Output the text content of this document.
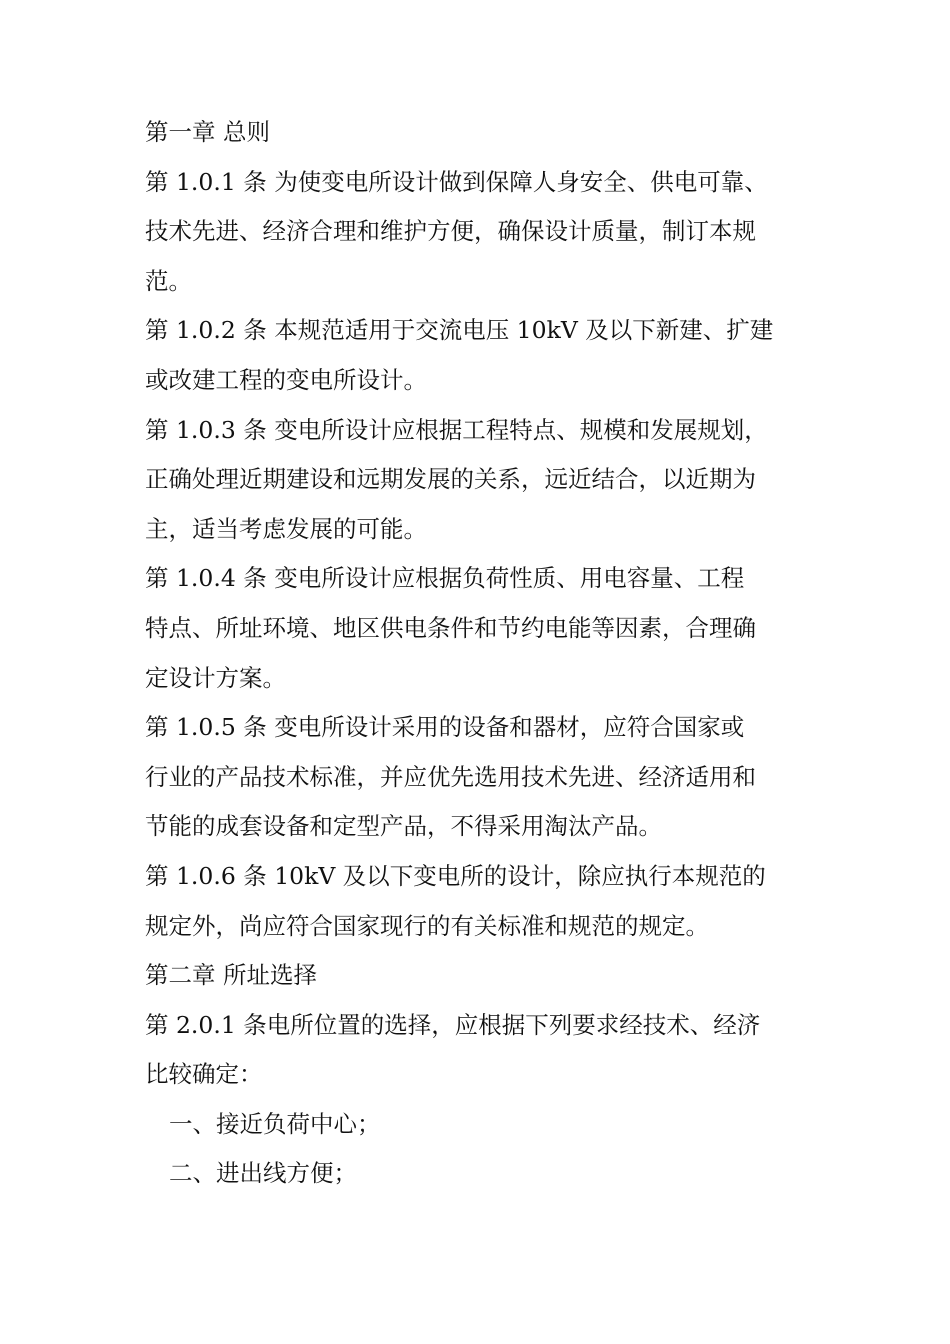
第一章 总则
第 1.0.1 条 为使变电所设计做到保障人身安全、供电可靠、
技术先进、经济合理和维护方便，确保设计质量，制订本规
范。
第 1.0.2 条 本规范适用于交流电压 10kV 及以下新建、扩建
或改建工程的变电所设计。
第 1.0.3 条 变电所设计应根据工程特点、规模和发展规划，
正确处理近期建设和远期发展的关系，远近结合，以近期为
主，适当考虑发展的可能。
第 1.0.4 条 变电所设计应根据负荷性质、用电容量、工程
特点、所址环境、地区供电条件和节约电能等因素，合理确
定设计方案。
第 1.0.5 条 变电所设计采用的设备和器材，应符合国家或
行业的产品技术标准，并应优先选用技术先进、经济适用和
节能的成套设备和定型产品，不得采用淘汰产品。
第 1.0.6 条 10kV 及以下变电所的设计，除应执行本规范的
规定外，尚应符合国家现行的有关标准和规范的规定。
第二章 所址选择
第 2.0.1 条电所位置的选择，应根据下列要求经技术、经济
比较确定：
一、接近负荷中心；
二、进出线方便；
